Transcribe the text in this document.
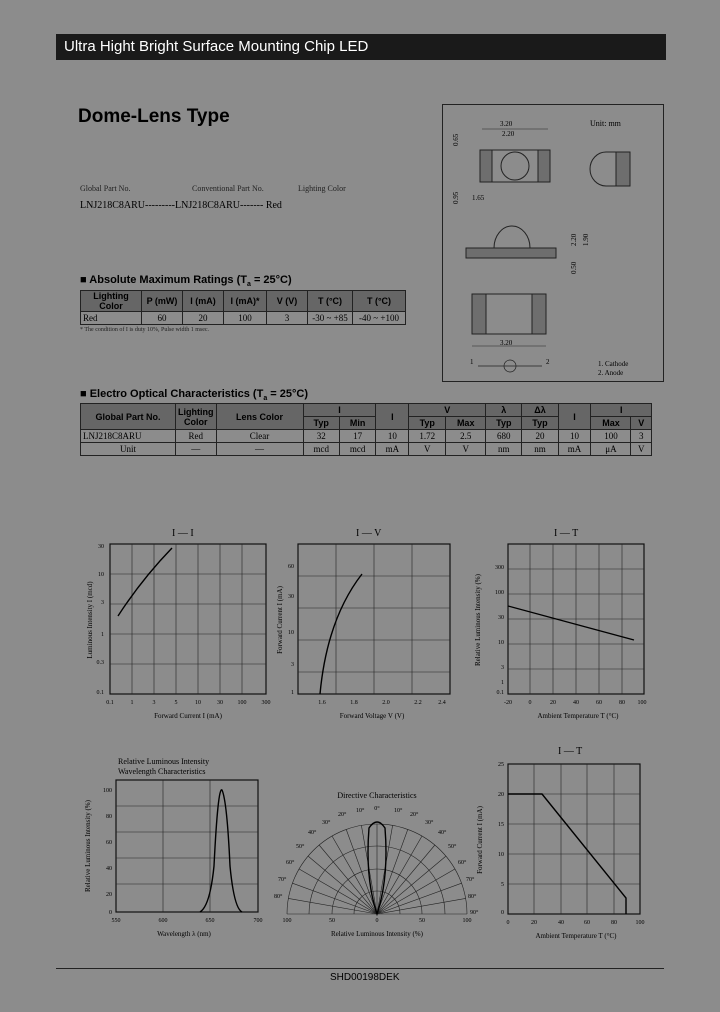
Ultra Hight Bright Surface Mounting Chip LED
Dome-Lens Type
Global Part No.	Conventional Part No.	Lighting Color
LNJ218C8ARU---------LNJ218C8ARU------- Red
Unit: mm
3.20
2.20
0.65
0.95 1.65
2.20 1.90
0.50
3.20
1	2	1. Cathode
2. Anode
■ Absolute Maximum Ratings $(T_a = 25^\circ C)$
Lighting Color	P (mW)	I (mA)	I (mA)*	V (V)	T (°C)	T (°C)
Red	60	20	100	3	-30 ~ +85	-40 ~ +100
* The condition of I is duty 10%, Pulse width 1 msec.
■ Electro Optical Characteristics $(T_a = 25^\circ C)$
Global Part No.	Lighting Color	Lens Color	I		I	V		λ	Δλ	I	I	
			Typ	Min		Typ	Max	Typ	Typ		Max	V
LNJ218C8ARU	Red	Clear	32	17	10	1.72	2.5	680	20	10	100	3
Unit	—	—	mcd	mcd	mA	V	V	nm	nm	mA	μA	V
I — I
30
10
3
1
0.3
0.1
0.1	1	3	5	10	30 100	300
Forward Current I (mA)
Luminous Intensity I (mcd)
I — V
60
30
10
3
1
1.6	1.8	2.0	2.2	2.4
Forward Voltage V (V)
Forward Current I (mA)
I — T
300
100
30
10
3
1
0.1
-20	0	20	40	60	80 100
Ambient Temperature T (°C)
Relative Luminous Intensity (%)
Relative Luminous Intensity
Wavelength Characteristics
100
80
60
40
20
0
550	600	650	700
Wavelength λ (nm)
Relative Luminous Intensity (%)
Directive Characteristics
0° 10°
10°
20°
20°
30°
30°
40°
40°
50°
50°
60°
60°
70°
70°
80°
80°
90°
100	50	0	50	100
Relative Luminous Intensity (%)
I — T
25
20
15
10
5
0
0	20	40	60	80	100
Ambient Temperature T (°C)
Forward Current I (mA)
SHD00198DEK
